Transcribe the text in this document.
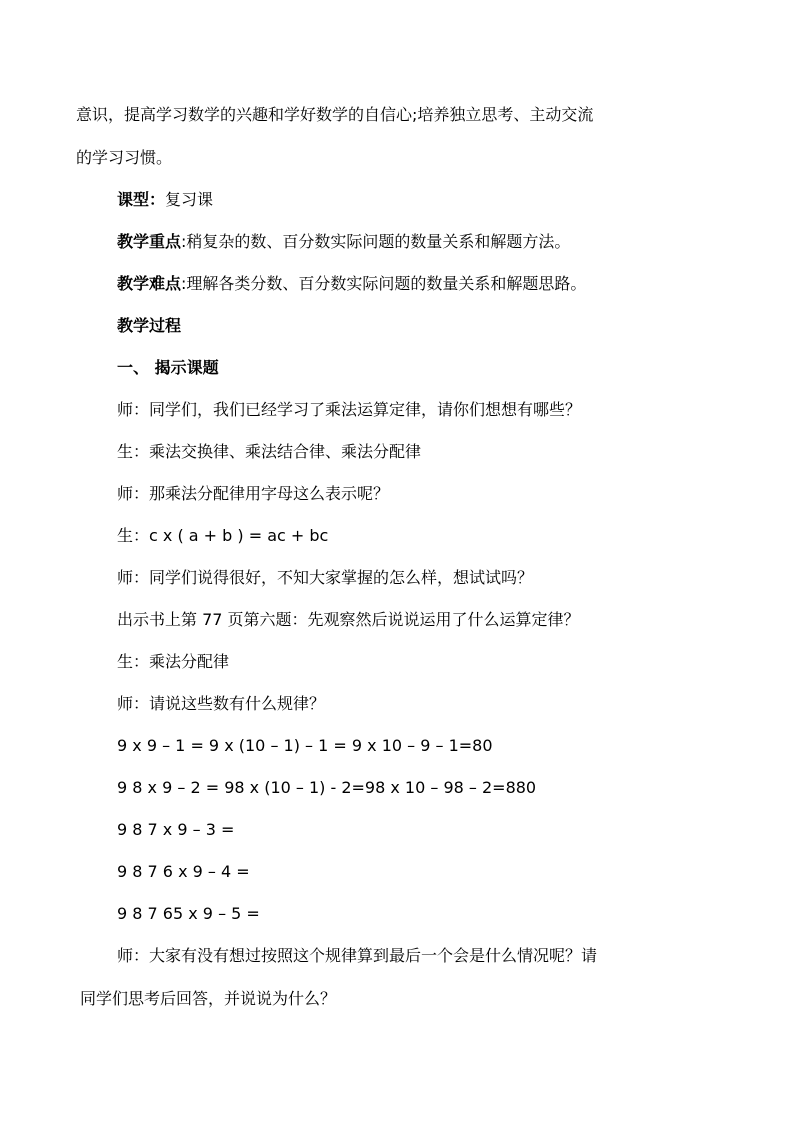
意识，提高学习数学的兴趣和学好数学的自信心;培养独立思考、主动交流
的学习习惯。
课型：复习课
教学重点:稍复杂的数、百分数实际问题的数量关系和解题方法。
教学难点:理解各类分数、百分数实际问题的数量关系和解题思路。
教学过程
一、 揭示课题
师：同学们，我们已经学习了乘法运算定律，请你们想想有哪些？
生：乘法交换律、乘法结合律、乘法分配律
师：那乘法分配律用字母这么表示呢？
生：c x ( a + b ) = ac + bc
师：同学们说得很好，不知大家掌握的怎么样，想试试吗？
出示书上第 77 页第六题：先观察然后说说运用了什么运算定律？
生：乘法分配律
师：请说这些数有什么规律？
9 x 9 – 1 = 9 x (10 – 1) – 1 = 9 x 10 – 9 – 1=80
9 8 x 9 – 2 = 98 x (10 – 1) - 2=98 x 10 – 98 – 2=880
9 8 7 x 9 – 3 =
9 8 7 6 x 9 – 4 =
9 8 7 65 x 9 – 5 =
师：大家有没有想过按照这个规律算到最后一个会是什么情况呢？请
同学们思考后回答，并说说为什么？
